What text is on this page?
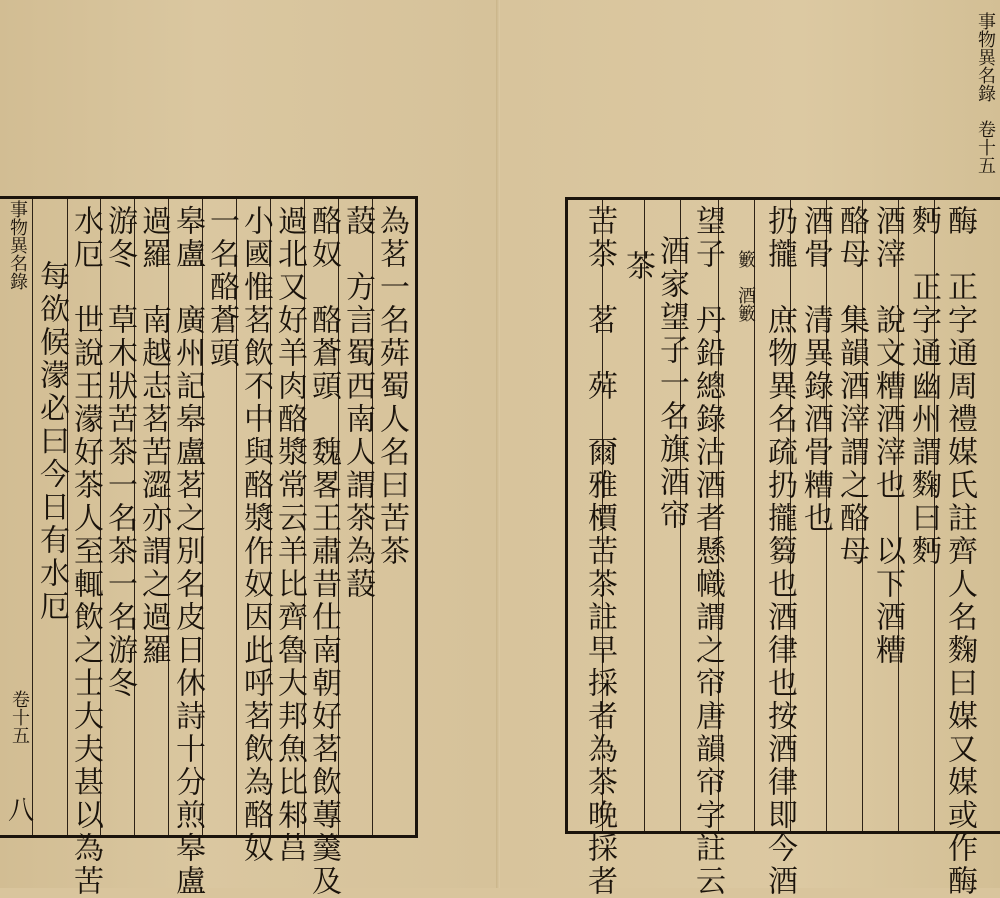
事物異名錄
每欲候濛必曰今日有水厄 水厄　世說王濛好茶人至輒飲之士大夫甚以為苦 游冬　草木狀苦茶一名茶一名游冬 過羅　南越志茗苦澀亦謂之過羅 皋盧　廣州記皋盧茗之別名皮日休詩十分煎皋盧 一名酪蒼頭 小國惟茗飲不中與酪漿作奴因此呼茗飲為酪奴 過北又好羊肉酪漿常云羊比齊魯大邦魚比邾莒 酪奴　酪蒼頭　魏畧王肅昔仕南朝好茗飲蓴羹及 蔎　方言蜀西南人謂茶為蔎 為茗一名荈蜀人名曰苦茶
卷十五
八	苦茶　茗　荈　爾雅檟苦茶註早採者為茶晚採者 茶 酒家望子一名旗酒帘 望子　丹鉛總錄沽酒者懸幟謂之帘唐韻帘字註云 籔　酒籔 扔攏　庶物異名疏扔攏篘也酒律也按酒律即今酒 酒骨　清異錄酒骨糟也 酪母　集韻酒滓謂之酪母 酒滓　說文糟酒滓也　以下酒糟 麪　正字通幽州謂麴曰麪 酶　正字通周禮媒氏註齊人名麴曰媒又媒或作酶
事物異名錄　卷十五
